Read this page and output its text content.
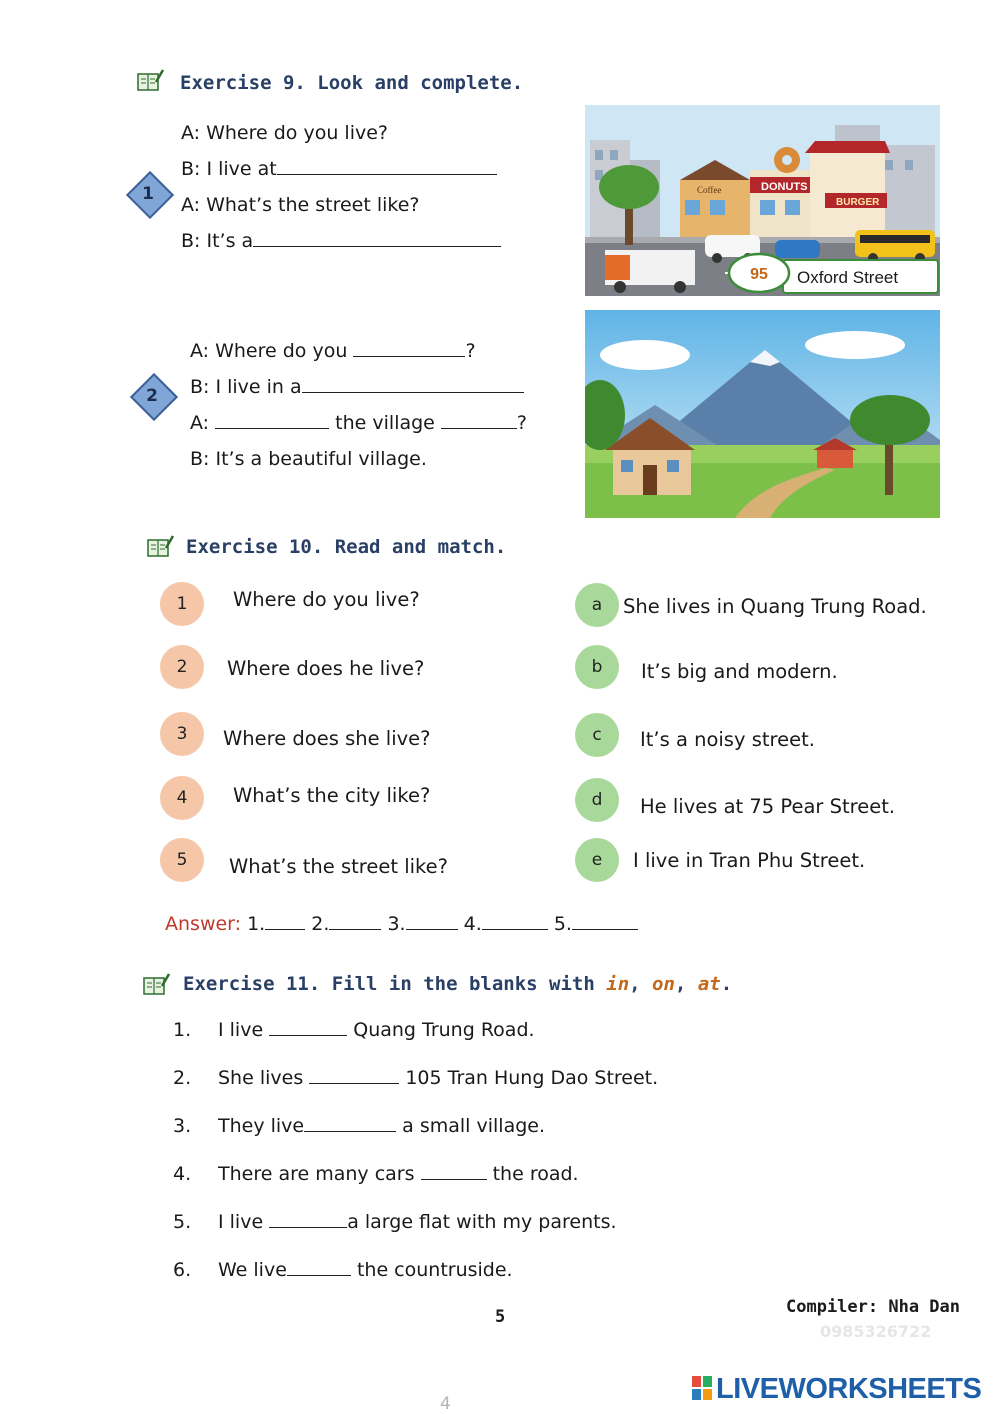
Exercise 9. Look and complete.
1
A: Where do you live?
B: I live at
A: What’s the street like?
B: It’s a
DONUTS
BURGER
Coffee
95 Oxford Street
2
A: Where do you	?
B: I live in a
A:	the village	?
B: It’s a beautiful village.
Exercise 10. Read and match.
1	Where do you live?
2	Where does he live?
3	Where does she live?
4	What’s the city like?
5	What’s the street like?
a	She lives in Quang Trung Road.
b	It’s big and modern.
c	It’s a noisy street.
d	He lives at 75 Pear Street.
e	I live in Tran Phu Street.
Answer: 1. 2.	3.	4.	5.
Exercise 11. Fill in the blanks with in, on, at.
1. I live	Quang Trung Road.
2. She lives	105 Tran Hung Dao Street.
3. They live	a small village.
4. There are many cars	the road.
5. I live	a large flat with my parents.
6. We live	the countruside.
5	Compiler: Nha Dan
0985326722
4	LIVEWORKSHEETS
